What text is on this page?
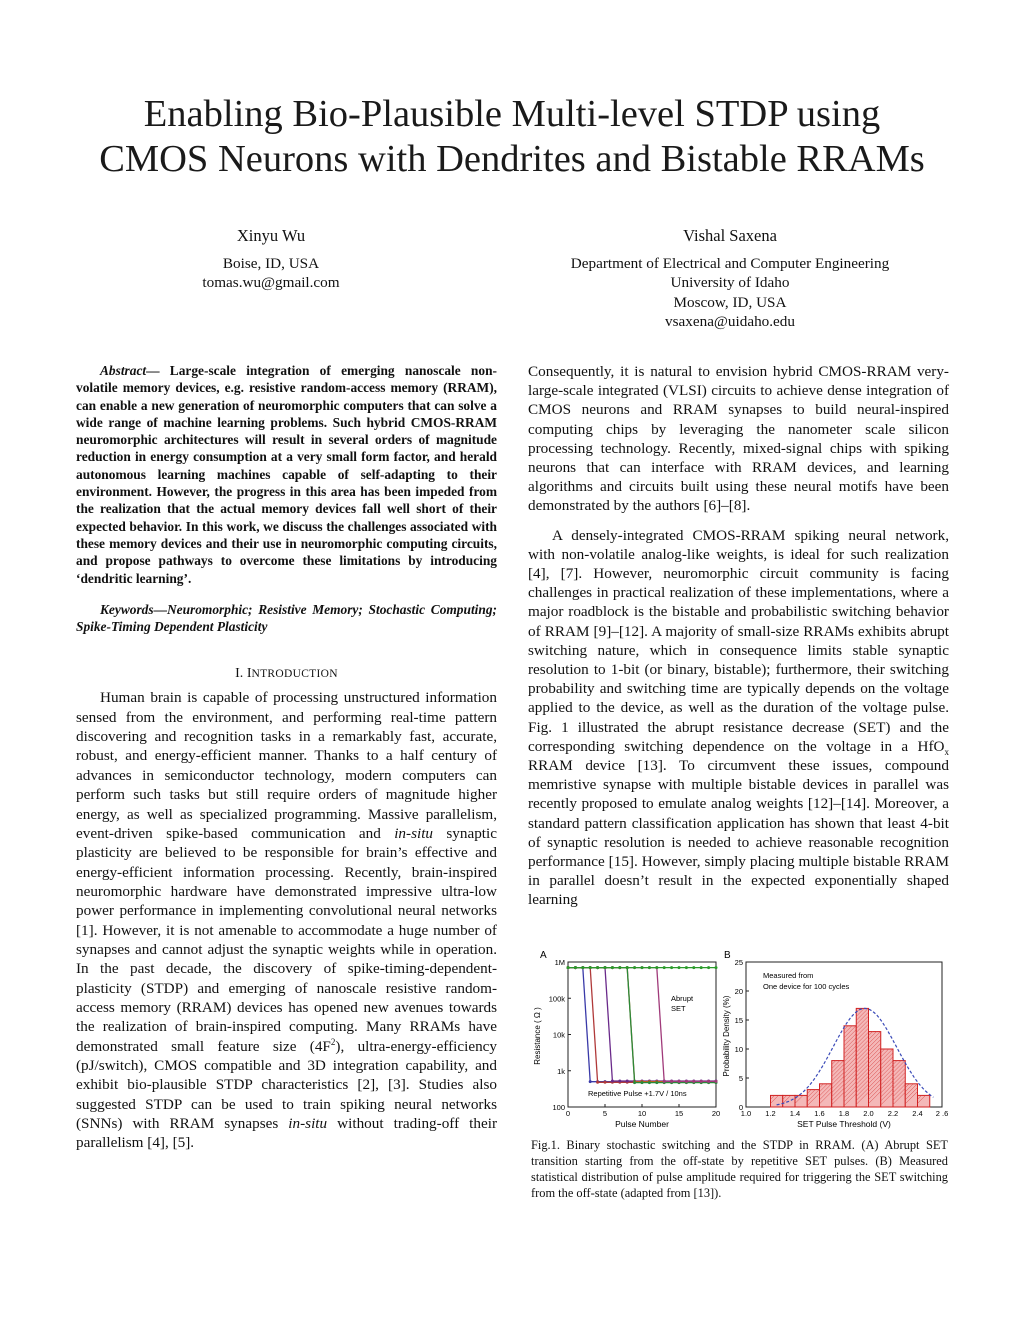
Enabling Bio-Plausible Multi-level STDP using
CMOS Neurons with Dendrites and Bistable RRAMs
Xinyu Wu
Boise, ID, USA
tomas.wu@gmail.com
Vishal Saxena
Department of Electrical and Computer Engineering
University of Idaho
Moscow, ID, USA
vsaxena@uidaho.edu
Abstract— Large-scale integration of emerging nanoscale non-volatile memory devices, e.g. resistive random-access memory (RRAM), can enable a new generation of neuromorphic computers that can solve a wide range of machine learning problems. Such hybrid CMOS-RRAM neuromorphic architectures will result in several orders of magnitude reduction in energy consumption at a very small form factor, and herald autonomous learning machines capable of self-adapting to their environment. However, the progress in this area has been impeded from the realization that the actual memory devices fall well short of their expected behavior. In this work, we discuss the challenges associated with these memory devices and their use in neuromorphic computing circuits, and propose pathways to overcome these limitations by introducing ‘dendritic learning’.
Keywords—Neuromorphic; Resistive Memory; Stochastic Computing; Spike-Timing Dependent Plasticity
I. INTRODUCTION
Human brain is capable of processing unstructured information sensed from the environment, and performing real-time pattern discovering and recognition tasks in a remarkably fast, accurate, robust, and energy-efficient manner. Thanks to a half century of advances in semiconductor technology, modern computers can perform such tasks but still require orders of magnitude higher energy, as well as specialized programming. Massive parallelism, event-driven spike-based communication and in-situ synaptic plasticity are believed to be responsible for brain’s effective and energy-efficient information processing. Recently, brain-inspired neuromorphic hardware have demonstrated impressive ultra-low power performance in implementing convolutional neural networks [1]. However, it is not amenable to accommodate a huge number of synapses and cannot adjust the synaptic weights while in operation. In the past decade, the discovery of spike-timing-dependent-plasticity (STDP) and emerging of nanoscale resistive random-access memory (RRAM) devices has opened new avenues towards the realization of brain-inspired computing. Many RRAMs have demonstrated small feature size $(4F^2)$, ultra-energy-efficiency (pJ/switch), CMOS compatible and 3D integration capability, and exhibit bio-plausible STDP characteristics [2], [3]. Studies also suggested STDP can be used to train spiking neural networks (SNNs) with RRAM synapses in-situ without trading-off their parallelism [4], [5].

Consequently, it is natural to envision hybrid CMOS-RRAM very-large-scale integrated (VLSI) circuits to achieve dense integration of CMOS neurons and RRAM synapses to build neural-inspired computing chips by leveraging the nanometer scale silicon processing technology. Recently, mixed-signal chips with spiking neurons that can interface with RRAM devices, and learning algorithms and circuits built using these neural motifs have been demonstrated by the authors [6]–[8].

A densely-integrated CMOS-RRAM spiking neural network, with non-volatile analog-like weights, is ideal for such realization [4], [7]. However, neuromorphic circuit community is facing challenges in practical realization of these implementations, where a major roadblock is the bistable and probabilistic switching behavior of RRAM [9]–[12]. A majority of small-size RRAMs exhibits abrupt switching nature, which in consequence limits stable synaptic resolution to 1-bit (or binary, bistable); furthermore, their switching probability and switching time are typically depends on the voltage applied to the device, as well as the duration of the voltage pulse. Fig. 1 illustrated the abrupt resistance decrease (SET) and the corresponding switching dependence on the voltage in a HfO$_x$ RRAM device [13]. To circumvent these issues, compound memristive synapse with multiple bistable devices in parallel was recently proposed to emulate analog weights [12]–[14]. Moreover, a standard pattern classification application has shown that least 4-bit of synaptic resolution is needed to achieve reasonable recognition performance [15]. However, simply placing multiple bistable RRAM in parallel doesn’t result in the expected exponentially shaped learning

A
1M
100k
10k
1k
100
0	5	10	15	20
Resistance ( Ω )
Pulse Number
Abrupt
SET
Repetitive Pulse +1.7V / 10ns
B
25
20
15
10
5
0
1.0 1.2 1.4 1.6 1.8 2.0 2.2 2.4 2 .6
Probability Density (%)
SET Pulse Threshold (V)
Measured from
One device for 100 cycles
Fig.1. Binary stochastic switching and the STDP in RRAM. (A) Abrupt SET transition starting from the off-state by repetitive SET pulses. (B) Measured statistical distribution of pulse amplitude required for triggering the SET switching from the off-state (adapted from [13]).
